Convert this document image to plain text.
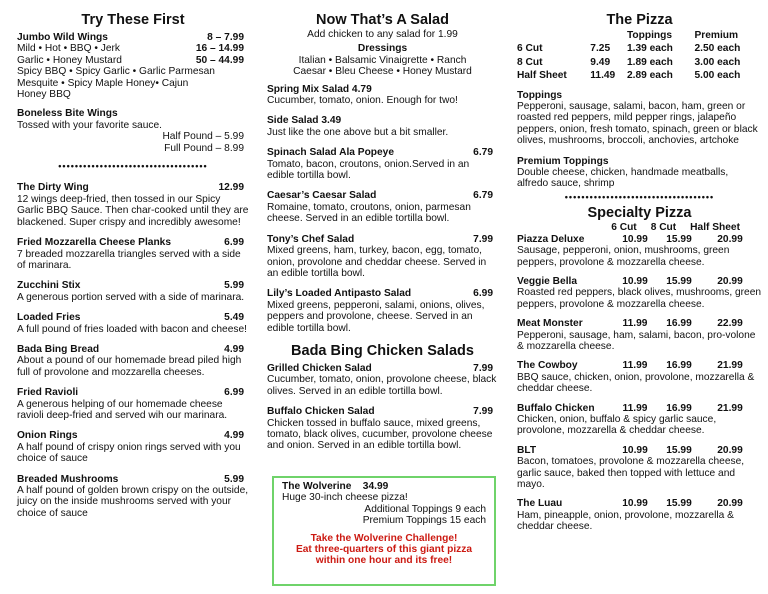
Try These First
Jumbo Wild Wings	8 – 7.99
Mild • Hot • BBQ • Jerk	16 – 14.99
Garlic • Honey Mustard	50 – 44.99
Spicy BBQ • Spicy Garlic • Garlic Parmesan
Mesquite • Spicy Maple Honey• Cajun
Honey BBQ
Boneless Bite Wings
Tossed with your favorite sauce.
Half Pound – 5.99
Full Pound – 8.99
••••••••••••••••••••••••••••••••••••
The Dirty Wing	12.99
12 wings deep-fried, then tossed in our Spicy Garlic BBQ Sauce. Then char-cooked until they are blackened. Super crispy and incredibly awesome!
Fried Mozzarella Cheese Planks	6.99
7 breaded mozzarella triangles served with a side of marinara.
Zucchini Stix	5.99
A generous portion served with a side of marinara.
Loaded Fries	5.49
A full pound of fries loaded with bacon and cheese!
Bada Bing Bread	4.99
About a pound of our homemade bread piled high full of provolone and mozzarella cheeses.
Fried Ravioli	6.99
A generous helping of our homemade cheese ravioli deep-fried and served wih our marinara.
Onion Rings	4.99
A half pound of crispy onion rings served with you choice of sauce
Breaded Mushrooms	5.99
A half pound of golden brown crispy on the outside, juicy on the inside mushrooms served with your choice of sauce
Now That’s A Salad
Add chicken to any salad for 1.99
Dressings
Italian • Balsamic Vinaigrette • Ranch
Caesar • Bleu Cheese • Honey Mustard
Spring Mix Salad 4.79
Cucumber, tomato, onion. Enough for two!
Side Salad 3.49
Just like the one above but a bit smaller.
Spinach Salad Ala Popeye	6.79
Tomato, bacon, croutons, onion.Served in an edible tortilla bowl.
Caesar’s Caesar Salad	6.79
Romaine, tomato, croutons, onion, parmesan cheese. Served in an edible tortilla bowl.
Tony’s Chef Salad	7.99
Mixed greens, ham, turkey, bacon, egg, tomato, onion, provolone and cheddar cheese. Served in an edible tortilla bowl.
Lily’s Loaded Antipasto Salad	6.99
Mixed greens, pepperoni, salami, onions, olives, peppers and provolone, cheese. Served in an edible tortilla bowl.
Bada Bing Chicken Salads
Grilled Chicken Salad	7.99
Cucumber, tomato, onion, provolone cheese, black olives. Served in an edible tortilla bowl.
Buffalo Chicken Salad	7.99
Chicken tossed in buffalo sauce, mixed greens, tomato, black olives, cucumber, provolone cheese and onion. Served in an edible tortilla bowl.
The Wolverine 34.99
Huge 30-inch cheese pizza!
Additional Toppings 9 each
Premium Toppings 15 each
Take the Wolverine Challenge!
Eat three-quarters of this giant pizza
within one hour and its free!
The Pizza
		Toppings	Premium
6 Cut	7.25	1.39 each	2.50 each
8 Cut	9.49	1.89 each	3.00 each
Half Sheet	11.49	2.89 each	5.00 each
Toppings
Pepperoni, sausage, salami, bacon, ham, green or roasted red peppers, mild pepper rings, jalapeño peppers, onion, fresh tomato, spinach, green or black olives, mushrooms, broccoli, anchovies, artchoke
Premium Toppings
Double cheese, chicken, handmade meatballs, alfredo sauce, shrimp
••••••••••••••••••••••••••••••••••••
Specialty Pizza
6 Cut 8 Cut Half Sheet
Piazza Deluxe	10.99	15.99	20.99
Sausage, pepperoni, onion, mushrooms, green peppers, provolone & mozzarella cheese.
Veggie Bella	10.99	15.99	20.99
Roasted red peppers, black olives, mushrooms, green peppers, provolone & mozzarella cheese.
Meat Monster	11.99	16.99	22.99
Pepperoni, sausage, ham, salami, bacon, pro-volone & mozzarella cheese.
The Cowboy	11.99	16.99	21.99
BBQ sauce, chicken, onion, provolone, mozzarella & cheddar cheese.
Buffalo Chicken	11.99	16.99	21.99
Chicken, onion, buffalo & spicy garlic sauce, provolone, mozzarella & cheddar cheese.
BLT	10.99	15.99	20.99
Bacon, tomatoes, provolone & mozzarella cheese, garlic sauce, baked then topped with lettuce and mayo.
The Luau	10.99	15.99	20.99
Ham, pineapple, onion, provolone, mozzarella & cheddar cheese.
